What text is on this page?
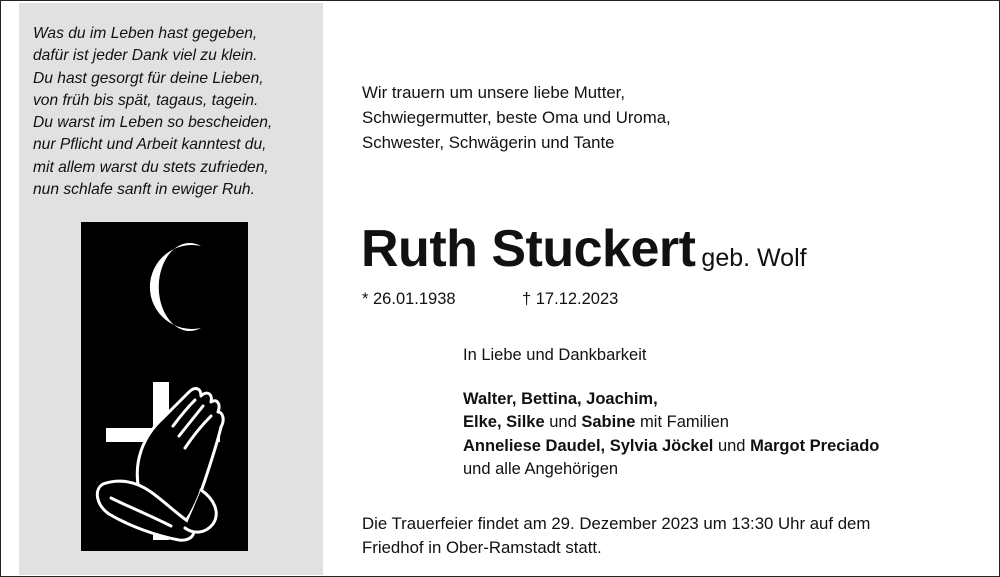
Was du im Leben hast gegeben,
dafür ist jeder Dank viel zu klein.
Du hast gesorgt für deine Lieben,
von früh bis spät, tagaus, tagein.
Du warst im Leben so bescheiden,
nur Pflicht und Arbeit kanntest du,
mit allem warst du stets zufrieden,
nun schlafe sanft in ewiger Ruh.
Wir trauern um unsere liebe Mutter,
Schwiegermutter, beste Oma und Uroma,
Schwester, Schwägerin und Tante
Ruth Stuckert geb. Wolf
* 26.01.1938	† 17.12.2023
In Liebe und Dankbarkeit
Walter, Bettina, Joachim,
Elke, Silke und Sabine mit Familien
Anneliese Daudel, Sylvia Jöckel und Margot Preciado
und alle Angehörigen
Die Trauerfeier findet am 29. Dezember 2023 um 13:30 Uhr auf dem
Friedhof in Ober-Ramstadt statt.
